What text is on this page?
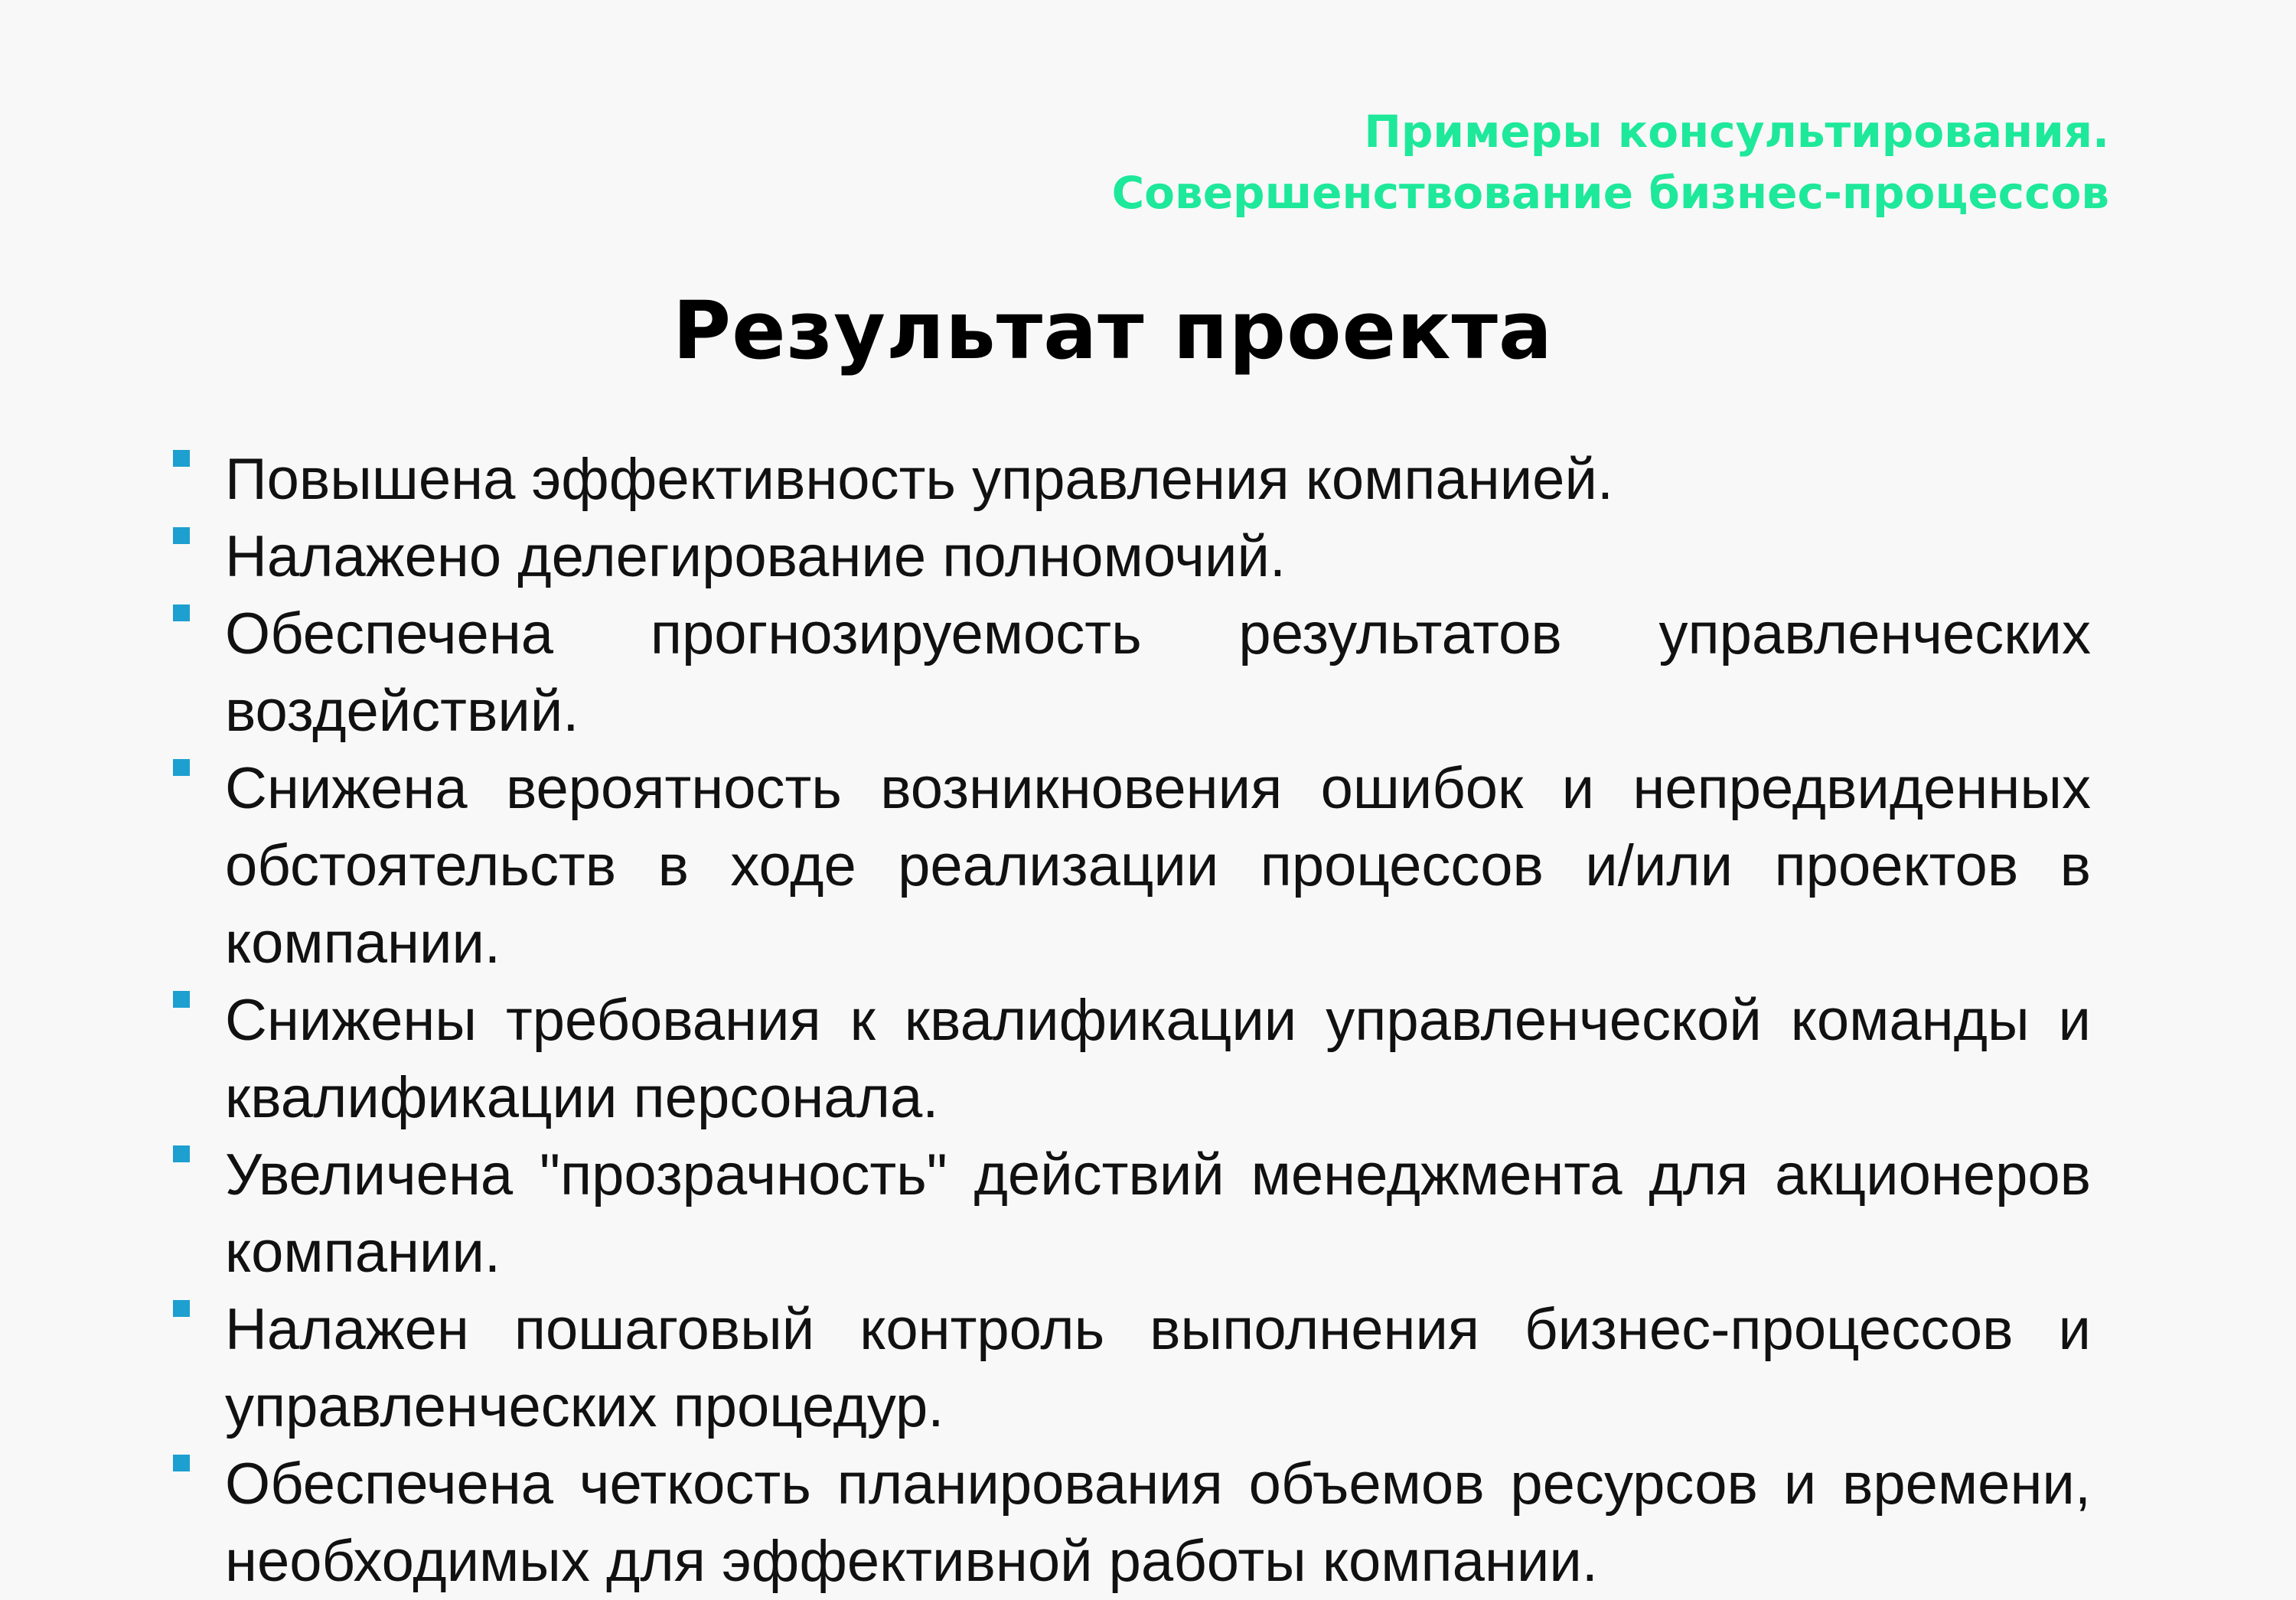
Примеры консультирования.
Совершенствование бизнес-процессов
Результат проекта
Повышена эффективность управления компанией.
Налажено делегирование полномочий.
Обеспечена прогнозируемость результатов управленческих воздействий.
Снижена вероятность возникновения ошибок и непредвиденных обстоятельств в ходе реализации процессов и/или проектов в компании.
Снижены требования к квалификации управленческой команды и квалификации персонала.
Увеличена "прозрачность" действий менеджмента для акционеров компании.
Налажен пошаговый контроль выполнения бизнес-процессов и управленческих процедур.
Обеспечена четкость планирования объемов ресурсов и времени, необходимых для эффективной работы компании.
